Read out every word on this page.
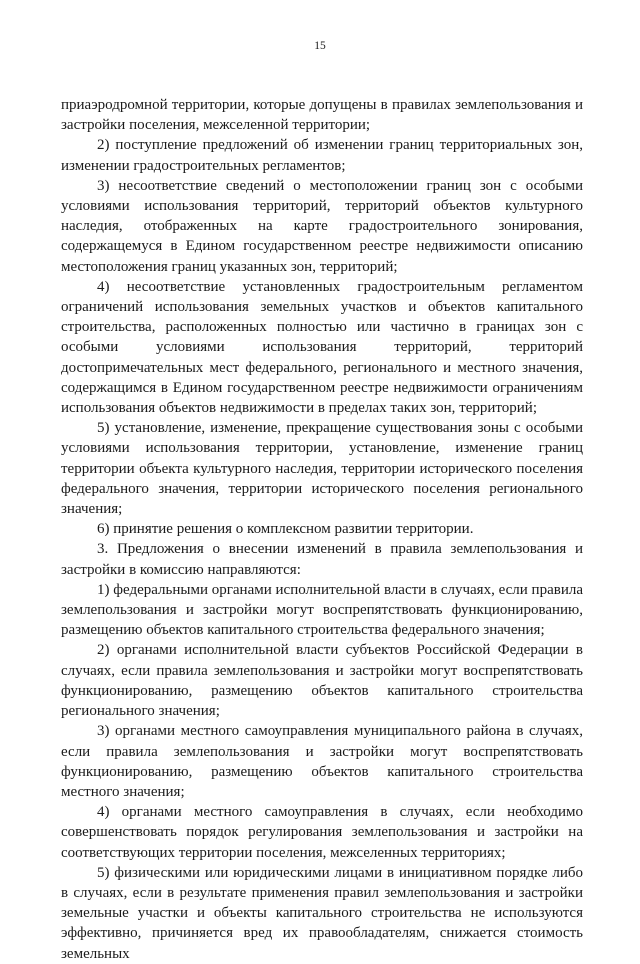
15

приаэродромной территории, которые допущены в правилах землепользования и застройки поселения, межселенной территории;

2) поступление предложений об изменении границ территориальных зон, изменении градостроительных регламентов;

3) несоответствие сведений о местоположении границ зон с особыми условиями использования территорий, территорий объектов культурного наследия, отображенных на карте градостроительного зонирования, содержащемуся в Едином государственном реестре недвижимости описанию местоположения границ указанных зон, территорий;

4) несоответствие установленных градостроительным регламентом ограничений использования земельных участков и объектов капитального строительства, расположенных полностью или частично в границах зон с особыми условиями использования территорий, территорий достопримечательных мест федерального, регионального и местного значения, содержащимся в Едином государственном реестре недвижимости ограничениям использования объектов недвижимости в пределах таких зон, территорий;

5) установление, изменение, прекращение существования зоны с особыми условиями использования территории, установление, изменение границ территории объекта культурного наследия, территории исторического поселения федерального значения, территории исторического поселения регионального значения;

6) принятие решения о комплексном развитии территории.

3. Предложения о внесении изменений в правила землепользования и застройки в комиссию направляются:

1) федеральными органами исполнительной власти в случаях, если правила землепользования и застройки могут воспрепятствовать функционированию, размещению объектов капитального строительства федерального значения;

2) органами исполнительной власти субъектов Российской Федерации в случаях, если правила землепользования и застройки могут воспрепятствовать функционированию, размещению объектов капитального строительства регионального значения;

3) органами местного самоуправления муниципального района в случаях, если правила землепользования и застройки могут воспрепятствовать функционированию, размещению объектов капитального строительства местного значения;

4) органами местного самоуправления в случаях, если необходимо совершенствовать порядок регулирования землепользования и застройки на соответствующих территории поселения, межселенных территориях;

5) физическими или юридическими лицами в инициативном порядке либо в случаях, если в результате применения правил землепользования и застройки земельные участки и объекты капитального строительства не используются эффективно, причиняется вред их правообладателям, снижается стоимость земельных
